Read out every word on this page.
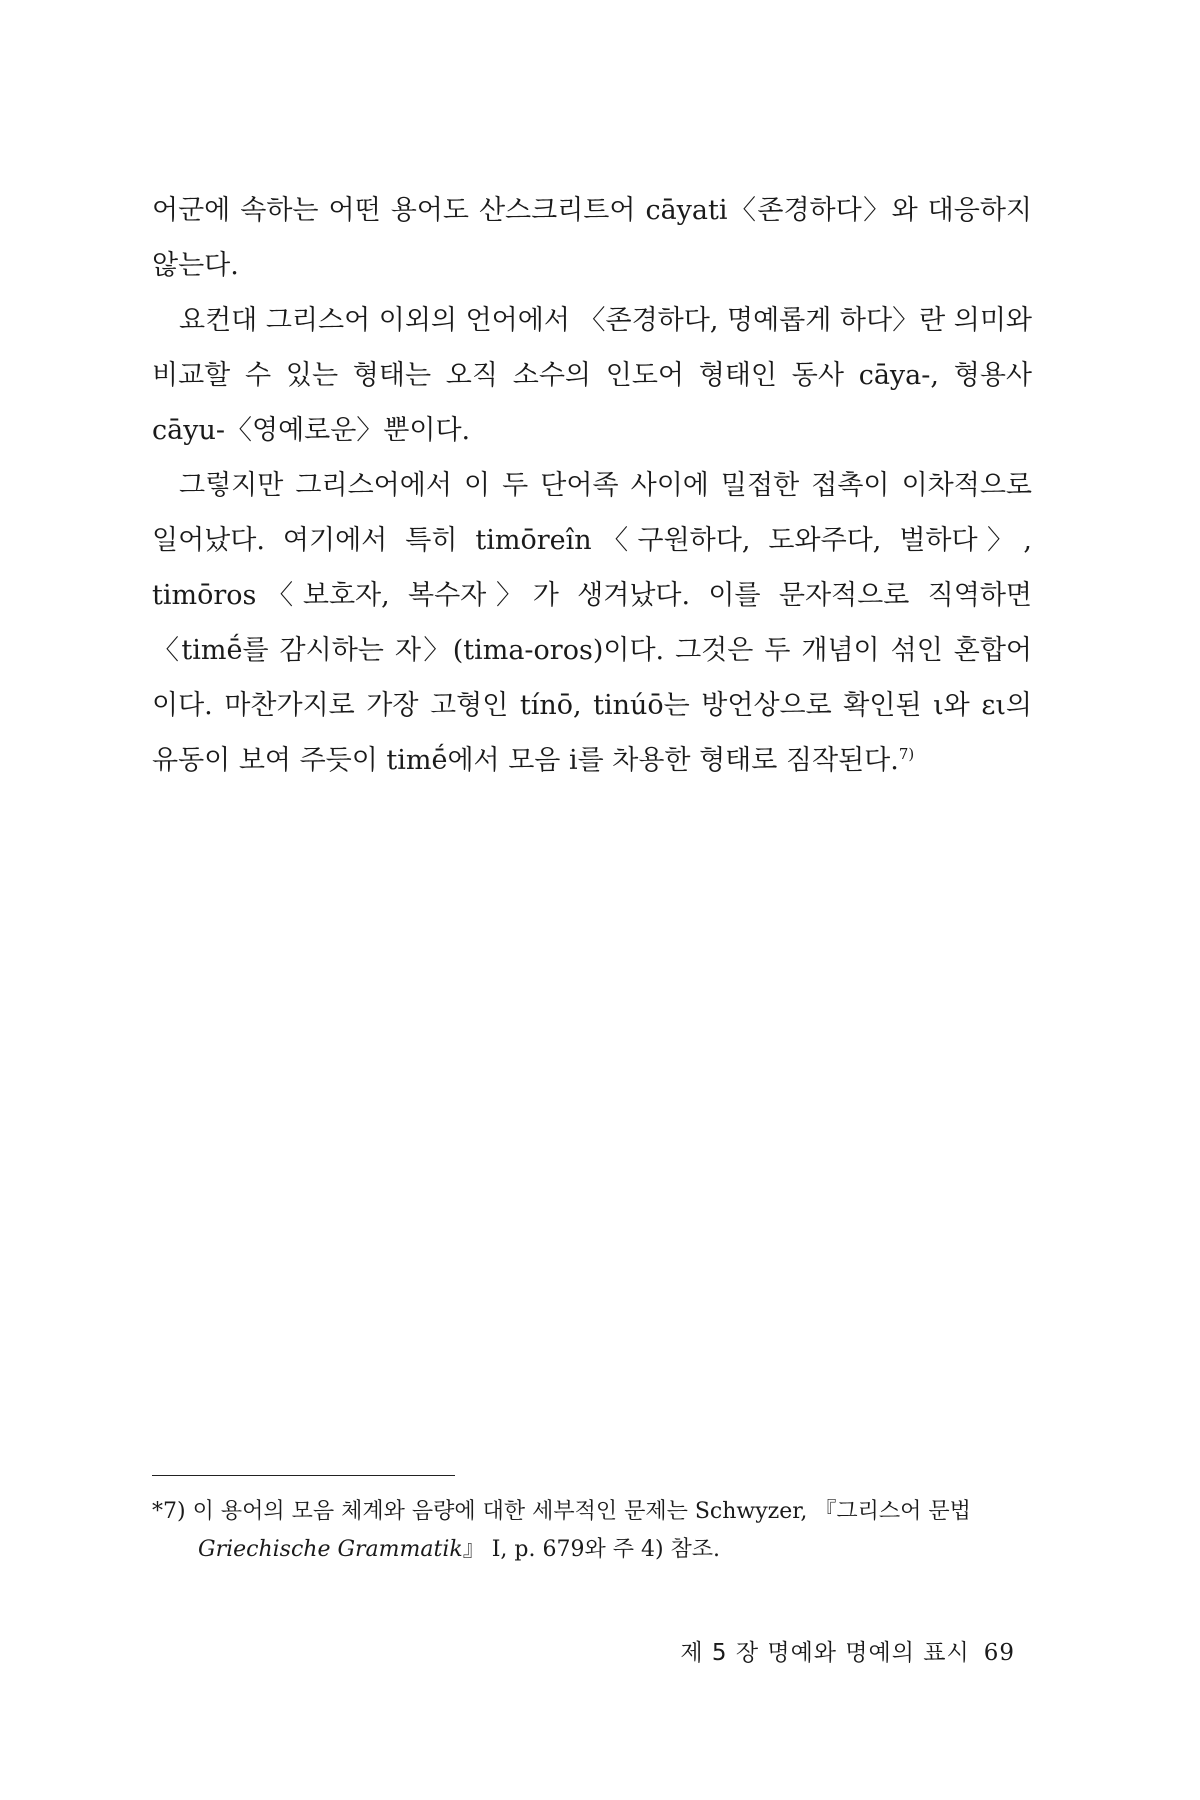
어군에 속하는 어떤 용어도 산스크리트어 cāyati〈존경하다〉와 대응하지 않는다.

요컨대 그리스어 이외의 언어에서 〈존경하다, 명예롭게 하다〉란 의미와 비교할 수 있는 형태는 오직 소수의 인도어 형태인 동사 cāya-, 형용사 cāyu-〈영예로운〉뿐이다.

그렇지만 그리스어에서 이 두 단어족 사이에 밀접한 접촉이 이차적으로 일어났다. 여기에서 특히 timōreîn〈구원하다, 도와주다, 벌하다〉, timōros〈보호자, 복수자〉가 생겨났다. 이를 문자적으로 직역하면 〈timḗ를 감시하는 자〉(tima-oros)이다. 그것은 두 개념이 섞인 혼합어이다. 마찬가지로 가장 고형인 tínō, tinúō는 방언상으로 확인된 ι와 ει의 유동이 보여 주듯이 timḗ에서 모음 i를 차용한 형태로 짐작된다.$^{7)}$

*7) 이 용어의 모음 체계와 음량에 대한 세부적인 문제는 Schwyzer, 『그리스어 문법
Griechische Grammatik』 I, p. 679와 주 4) 참조.
제 5 장 명예와 명예의 표시 69
